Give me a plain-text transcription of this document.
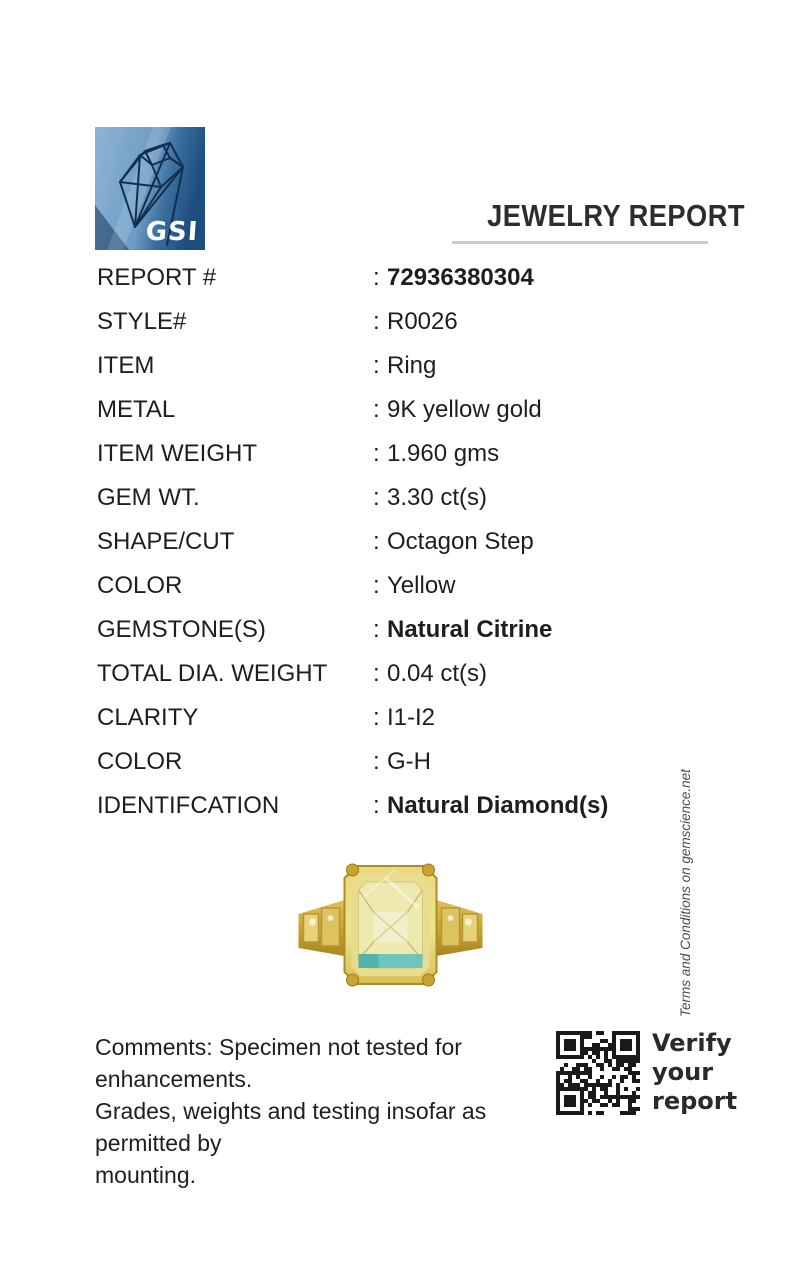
GSI	JEWELRY REPORT
REPORT #	: 72936380304
STYLE#	: R0026
ITEM	: Ring
METAL	: 9K yellow gold
ITEM WEIGHT	: 1.960 gms
GEM WT.	: 3.30 ct(s)
SHAPE/CUT	: Octagon Step
COLOR	: Yellow
GEMSTONE(S)	: Natural Citrine
TOTAL DIA. WEIGHT : 0.04 ct(s)
CLARITY	: I1-I2
COLOR	: G-H
IDENTIFCATION	: Natural Diamond(s)	Terms and Conditions on gemscience.net
Comments: Specimen not tested for enhancements.
Grades, weights and testing insofar as permitted by
mounting.
Verify
your
report
